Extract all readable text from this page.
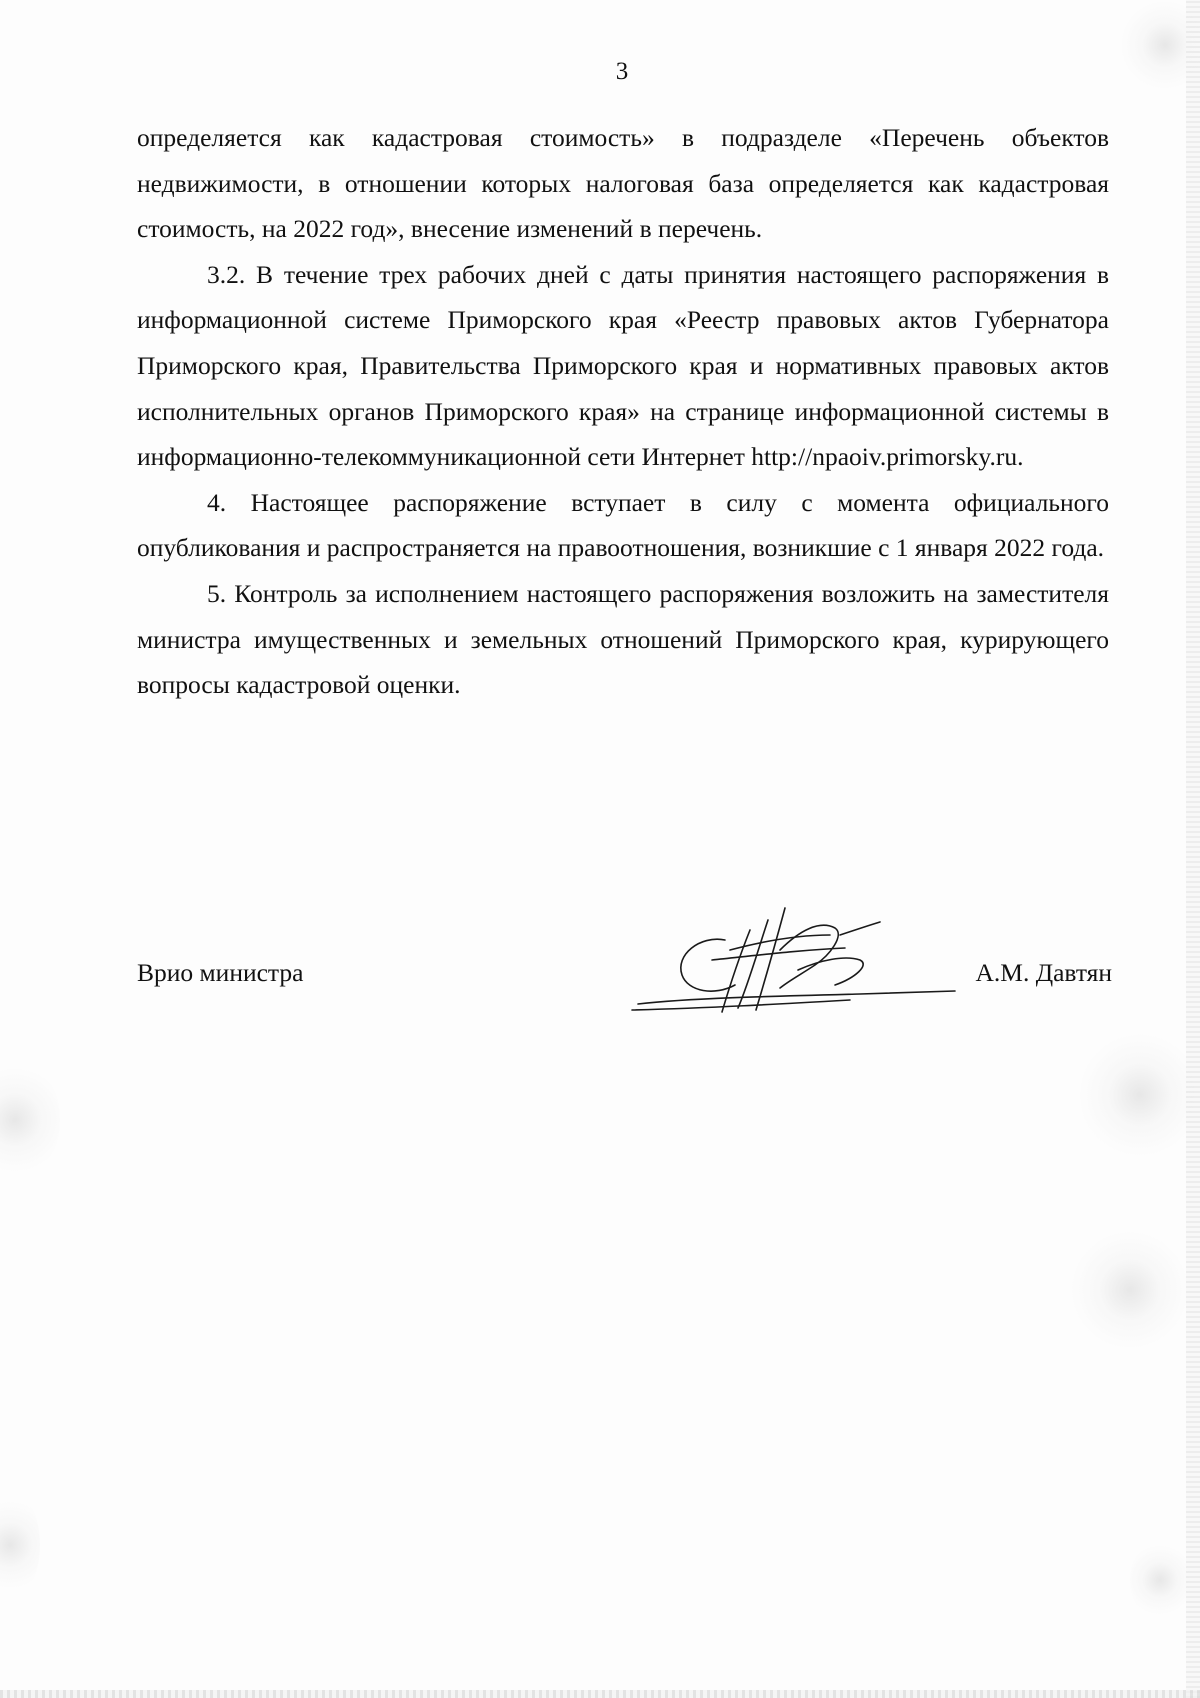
3

определяется как кадастровая стоимость» в подразделе «Перечень объектов недвижимости, в отношении которых налоговая база определяется как кадастровая стоимость, на 2022 год», внесение изменений в перечень.

3.2. В течение трех рабочих дней с даты принятия настоящего распоряжения в информационной системе Приморского края «Реестр правовых актов Губернатора Приморского края, Правительства Приморского края и нормативных правовых актов исполнительных органов Приморского края» на странице информационной системы в информационно-телекоммуникационной сети Интернет http://npaoiv.primorsky.ru.

4. Настоящее распоряжение вступает в силу с момента официального опубликования и распространяется на правоотношения, возникшие с 1 января 2022 года.

5. Контроль за исполнением настоящего распоряжения возложить на заместителя министра имущественных и земельных отношений Приморского края, курирующего вопросы кадастровой оценки.

Врио министра	А.М. Давтян
